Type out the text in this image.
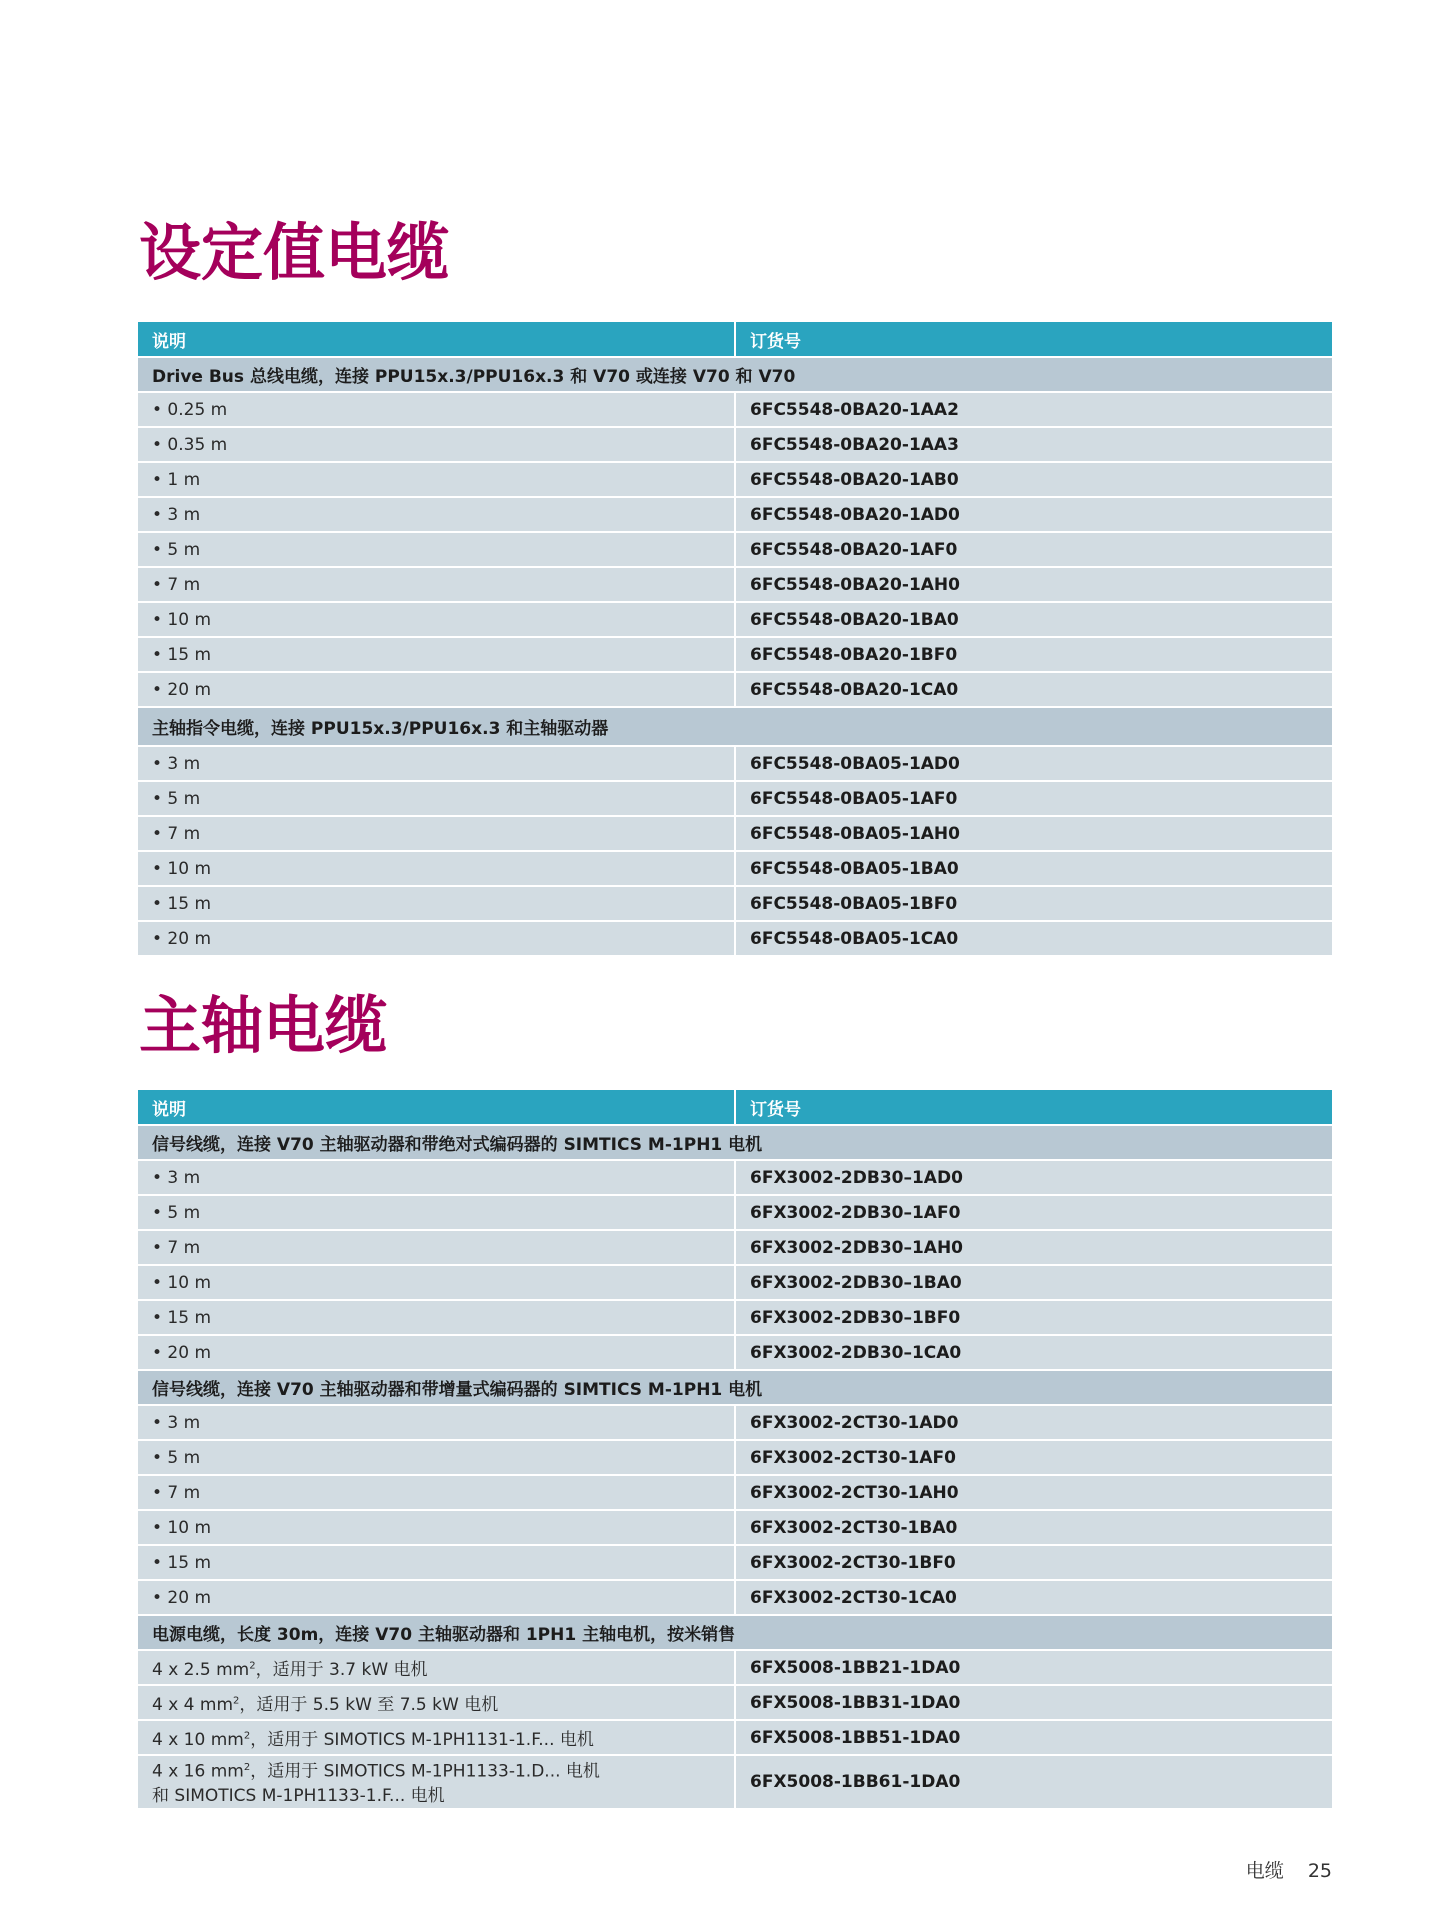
设定值电缆
说明	订货号
Drive Bus 总线电缆，连接 PPU15x.3/PPU16x.3 和 V70 或连接 V70 和 V70	
• 0.25 m	6FC5548-0BA20-1AA2
• 0.35 m	6FC5548-0BA20-1AA3
• 1 m	6FC5548-0BA20-1AB0
• 3 m	6FC5548-0BA20-1AD0
• 5 m	6FC5548-0BA20-1AF0
• 7 m	6FC5548-0BA20-1AH0
• 10 m	6FC5548-0BA20-1BA0
• 15 m	6FC5548-0BA20-1BF0
• 20 m	6FC5548-0BA20-1CA0
主轴指令电缆，连接 PPU15x.3/PPU16x.3 和主轴驱动器	
• 3 m	6FC5548-0BA05-1AD0
• 5 m	6FC5548-0BA05-1AF0
• 7 m	6FC5548-0BA05-1AH0
• 10 m	6FC5548-0BA05-1BA0
• 15 m	6FC5548-0BA05-1BF0
• 20 m	6FC5548-0BA05-1CA0
主轴电缆
说明	订货号
信号线缆，连接 V70 主轴驱动器和带绝对式编码器的 SIMTICS M-1PH1 电机	
• 3 m	6FX3002-2DB30–1AD0
• 5 m	6FX3002-2DB30–1AF0
• 7 m	6FX3002-2DB30–1AH0
• 10 m	6FX3002-2DB30–1BA0
• 15 m	6FX3002-2DB30–1BF0
• 20 m	6FX3002-2DB30–1CA0
信号线缆，连接 V70 主轴驱动器和带增量式编码器的 SIMTICS M-1PH1 电机	
• 3 m	6FX3002-2CT30-1AD0
• 5 m	6FX3002-2CT30-1AF0
• 7 m	6FX3002-2CT30-1AH0
• 10 m	6FX3002-2CT30-1BA0
• 15 m	6FX3002-2CT30-1BF0
• 20 m	6FX3002-2CT30-1CA0
电源电缆，长度 30m，连接 V70 主轴驱动器和 1PH1 主轴电机，按米销售	
4 x 2.5 $mm^2$，适用于 3.7 kW 电机	6FX5008-1BB21-1DA0
4 x 4 $mm^2$，适用于 5.5 kW 至 7.5 kW 电机	6FX5008-1BB31-1DA0
4 x 10 $mm^2$，适用于 SIMOTICS M-1PH1131-1.F... 电机	6FX5008-1BB51-1DA0
4 x 16 $mm^2$，适用于 SIMOTICS M-1PH1133-1.D... 电机
和 SIMOTICS M-1PH1133-1.F... 电机	6FX5008-1BB61-1DA0
电缆 25
